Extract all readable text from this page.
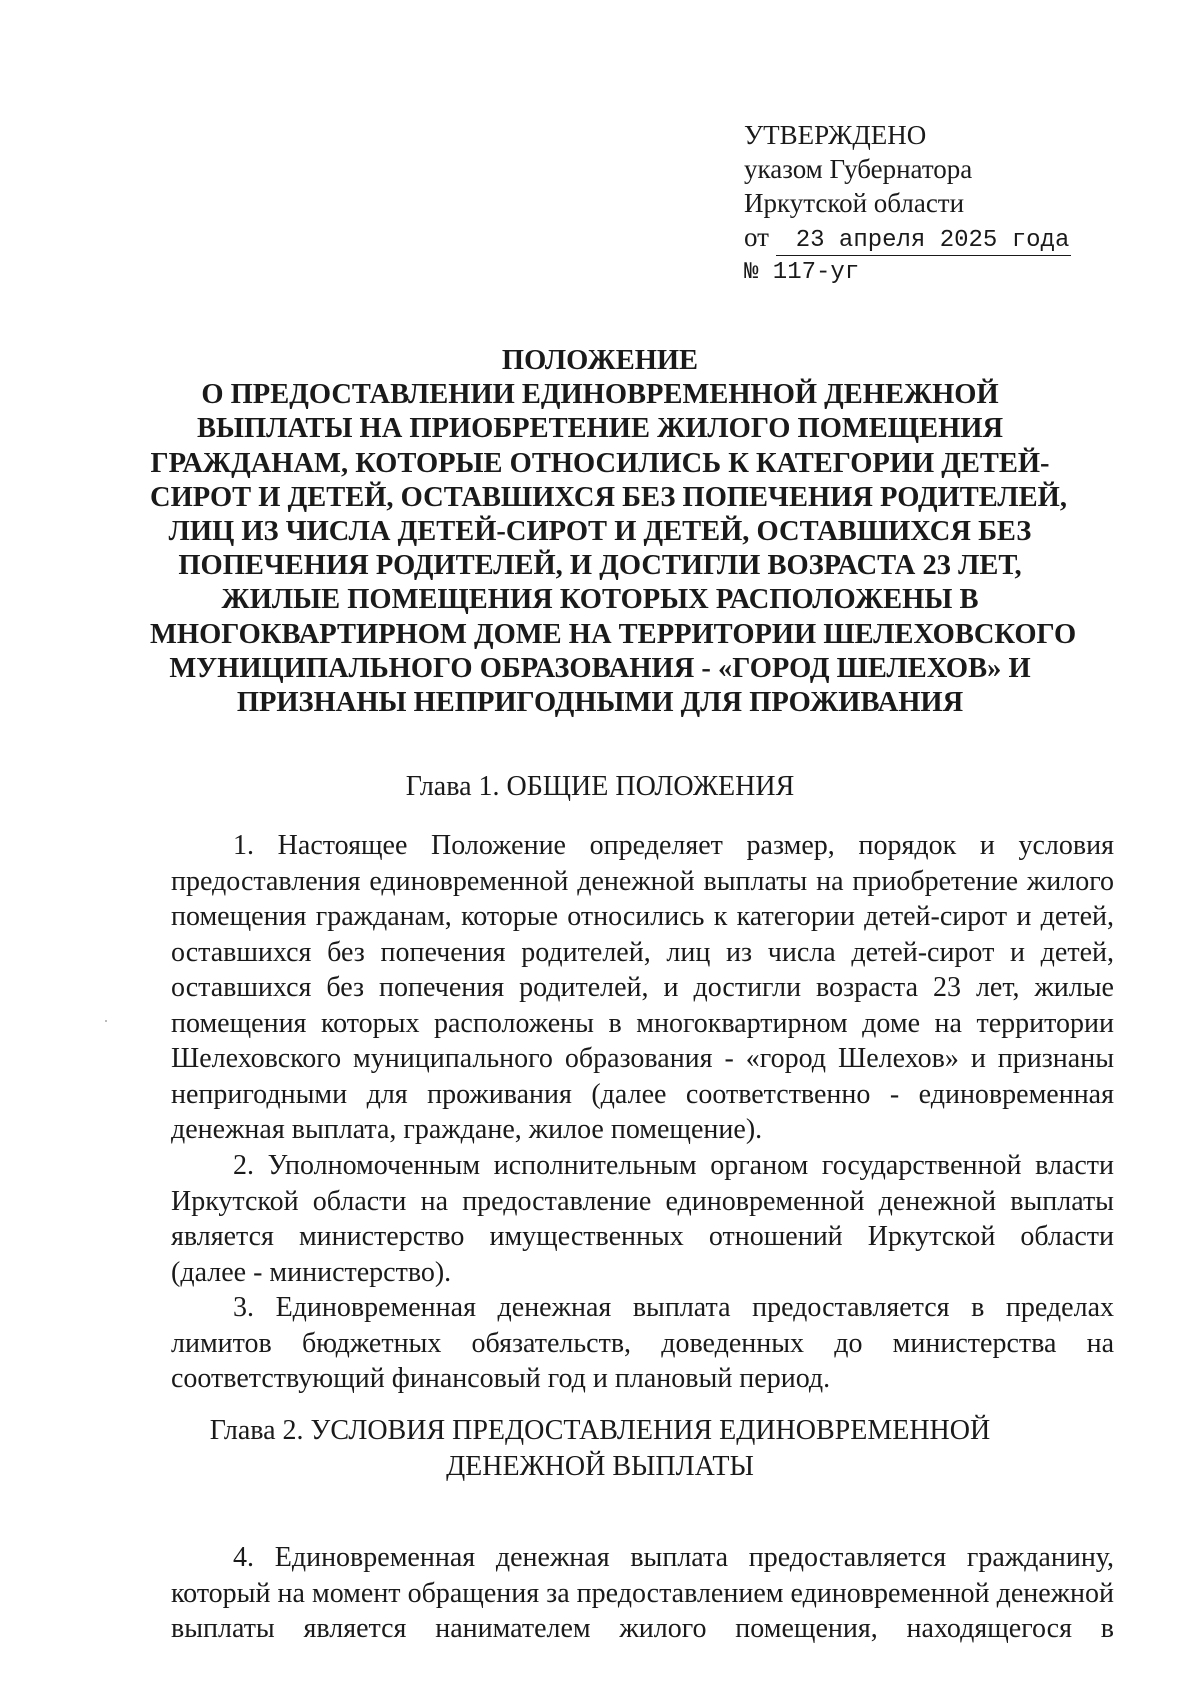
УТВЕРЖДЕНО
указом Губернатора
Иркутской области
от 23 апреля 2025 года
№ 117-уг
ПОЛОЖЕНИЕ
О ПРЕДОСТАВЛЕНИИ ЕДИНОВРЕМЕННОЙ ДЕНЕЖНОЙ
ВЫПЛАТЫ НА ПРИОБРЕТЕНИЕ ЖИЛОГО ПОМЕЩЕНИЯ
ГРАЖДАНАМ, КОТОРЫЕ ОТНОСИЛИСЬ К КАТЕГОРИИ ДЕТЕЙ-
СИРОТ И ДЕТЕЙ, ОСТАВШИХСЯ БЕЗ ПОПЕЧЕНИЯ РОДИТЕЛЕЙ,
ЛИЦ ИЗ ЧИСЛА ДЕТЕЙ-СИРОТ И ДЕТЕЙ, ОСТАВШИХСЯ БЕЗ
ПОПЕЧЕНИЯ РОДИТЕЛЕЙ, И ДОСТИГЛИ ВОЗРАСТА 23 ЛЕТ,
ЖИЛЫЕ ПОМЕЩЕНИЯ КОТОРЫХ РАСПОЛОЖЕНЫ В
МНОГОКВАРТИРНОМ ДОМЕ НА ТЕРРИТОРИИ ШЕЛЕХОВСКОГО
МУНИЦИПАЛЬНОГО ОБРАЗОВАНИЯ - «ГОРОД ШЕЛЕХОВ» И
ПРИЗНАНЫ НЕПРИГОДНЫМИ ДЛЯ ПРОЖИВАНИЯ
Глава 1. ОБЩИЕ ПОЛОЖЕНИЯ
1. Настоящее Положение определяет размер, порядок и условия
предоставления единовременной денежной выплаты на приобретение жилого
помещения гражданам, которые относились к категории детей-сирот и детей,
оставшихся без попечения родителей, лиц из числа детей-сирот и детей,
оставшихся без попечения родителей, и достигли возраста 23 лет, жилые
помещения которых расположены в многоквартирном доме на территории
Шелеховского муниципального образования - «город Шелехов» и признаны
непригодными для проживания (далее соответственно - единовременная
денежная выплата, граждане, жилое помещение).
2. Уполномоченным исполнительным органом государственной власти
Иркутской области на предоставление единовременной денежной выплаты
является министерство имущественных отношений Иркутской области
(далее - министерство).
3. Единовременная денежная выплата предоставляется в пределах
лимитов бюджетных обязательств, доведенных до министерства на
соответствующий финансовый год и плановый период.
Глава 2. УСЛОВИЯ ПРЕДОСТАВЛЕНИЯ ЕДИНОВРЕМЕННОЙ
ДЕНЕЖНОЙ ВЫПЛАТЫ
4. Единовременная денежная выплата предоставляется гражданину,
который на момент обращения за предоставлением единовременной денежной
выплаты является нанимателем жилого помещения, находящегося в
